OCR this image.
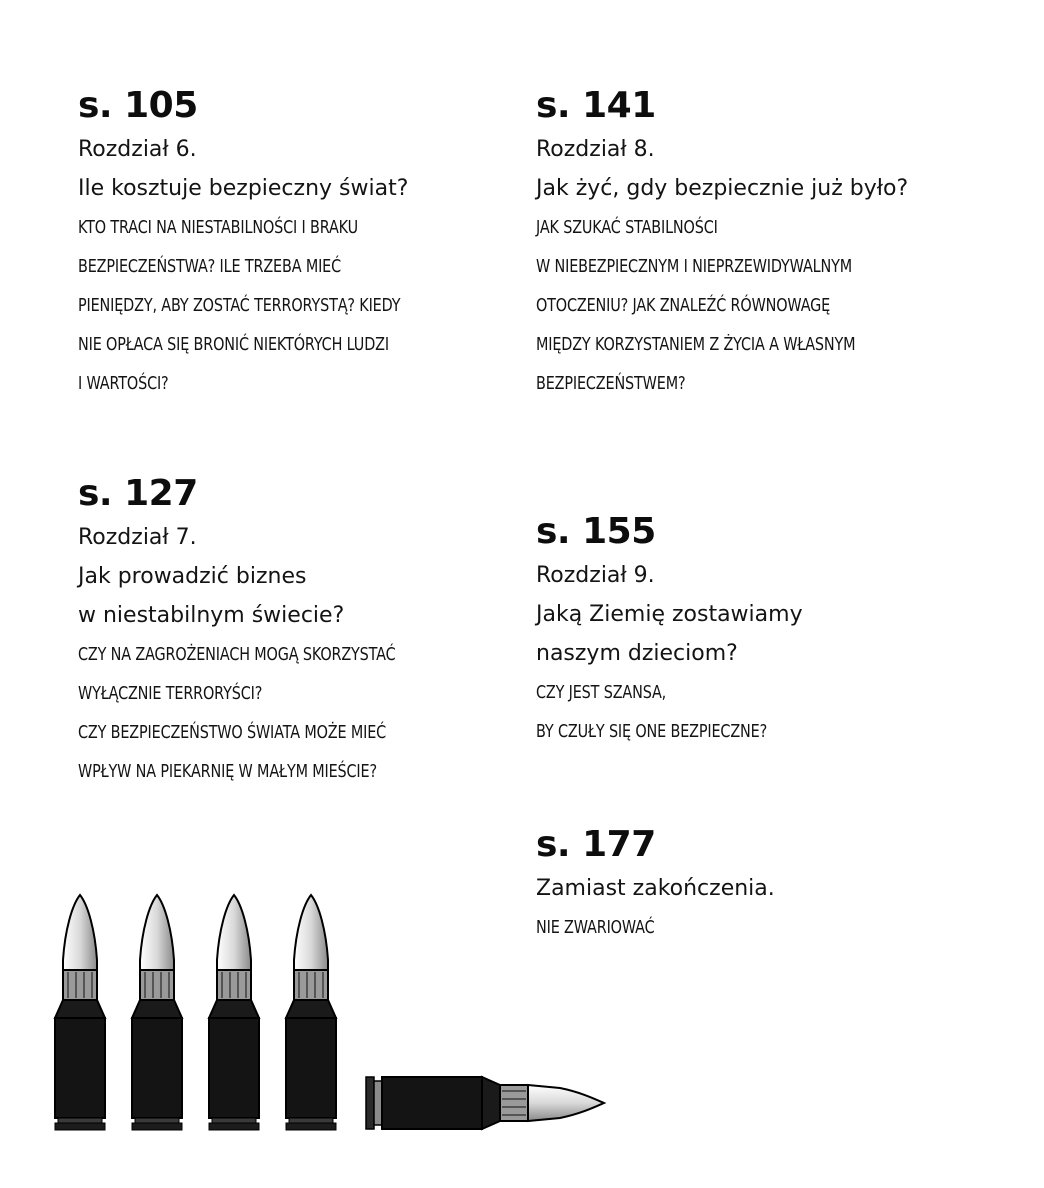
s. 105
Rozdział 6.
Ile kosztuje bezpieczny świat?
KTO TRACI NA NIESTABILNOŚCI I BRAKU
BEZPIECZEŃSTWA? ILE TRZEBA MIEĆ
PIENIĘDZY, ABY ZOSTAĆ TERRORYSTĄ? KIEDY
NIE OPŁACA SIĘ BRONIĆ NIEKTÓRYCH LUDZI
I WARTOŚCI?
s. 141
Rozdział 8.
Jak żyć, gdy bezpiecznie już było?
JAK SZUKAĆ STABILNOŚCI
W NIEBEZPIECZNYM I NIEPRZEWIDYWALNYM
OTOCZENIU? JAK ZNALEŹĆ RÓWNOWAGĘ
MIĘDZY KORZYSTANIEM Z ŻYCIA A WŁASNYM
BEZPIECZEŃSTWEM?
s. 127
Rozdział 7.
Jak prowadzić biznes
w niestabilnym świecie?
CZY NA ZAGROŻENIACH MOGĄ SKORZYSTAĆ
WYŁĄCZNIE TERRORYŚCI?
CZY BEZPIECZEŃSTWO ŚWIATA MOŻE MIEĆ
WPŁYW NA PIEKARNIĘ W MAŁYM MIEŚCIE?
s. 155
Rozdział 9.
Jaką Ziemię zostawiamy
naszym dzieciom?
CZY JEST SZANSA,
BY CZUŁY SIĘ ONE BEZPIECZNE?
s. 177
Zamiast zakończenia.
NIE ZWARIOWAĆ
